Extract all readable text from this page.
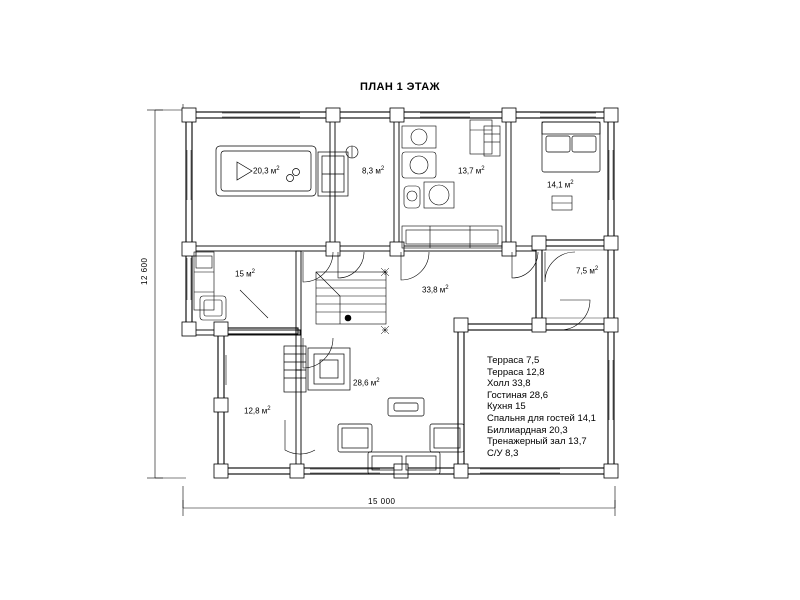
ПЛАН 1 ЭТАЖ
20,3 $м^2$	8,3 $м^2$	13,7 $м^2$
14,1 $м^2$
15 $м^2$
33,8 $м^2$
7,5 $м^2$
28,6 $м^2$
12,8 $м^2$
15 000
12 600
Терраса 7,5
Терраса 12,8
Холл 33,8
Гостиная 28,6
Кухня 15
Спальня для гостей 14,1
Биллиардная 20,3
Тренажерный зал 13,7
С/У 8,3
